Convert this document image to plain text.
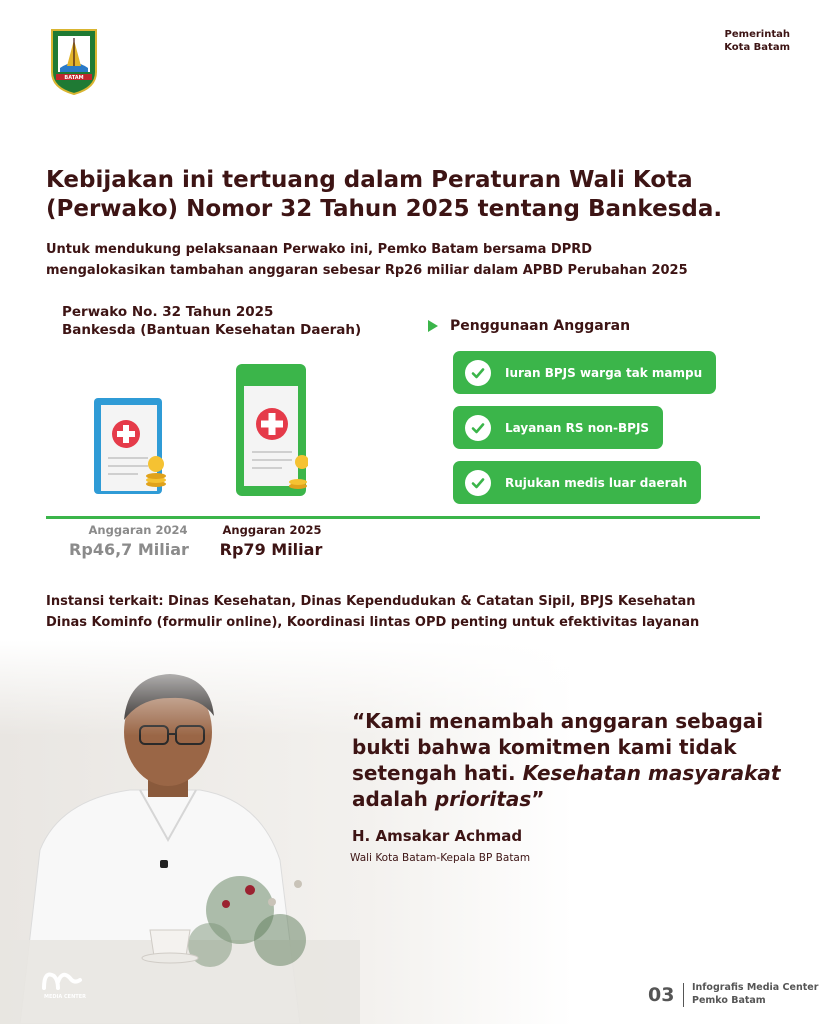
BATAM
Pemerintah
Kota Batam
Kebijakan ini tertuang dalam Peraturan Wali Kota
(Perwako) Nomor 32 Tahun 2025 tentang Bankesda.
Untuk mendukung pelaksanaan Perwako ini, Pemko Batam bersama DPRD
mengalokasikan tambahan anggaran sebesar Rp26 miliar dalam APBD Perubahan 2025
Perwako No. 32 Tahun 2025
Bankesda (Bantuan Kesehatan Daerah)	Penggunaan Anggaran
Iuran BPJS warga tak mampu
Layanan RS non-BPJS
Rujukan medis luar daerah
Anggaran 2024
Rp46,7 Miliar
Anggaran 2025
Rp79 Miliar
Instansi terkait: Dinas Kesehatan, Dinas Kependudukan & Catatan Sipil, BPJS Kesehatan
Dinas Kominfo (formulir online), Koordinasi lintas OPD penting untuk efektivitas layanan
“Kami menambah anggaran sebagai bukti bahwa komitmen kami tidak setengah hati. Kesehatan masyarakat adalah prioritas”
H. Amsakar Achmad
Wali Kota Batam-Kepala BP Batam
MEDIA CENTER	03 Infografis Media Center
Pemko Batam
